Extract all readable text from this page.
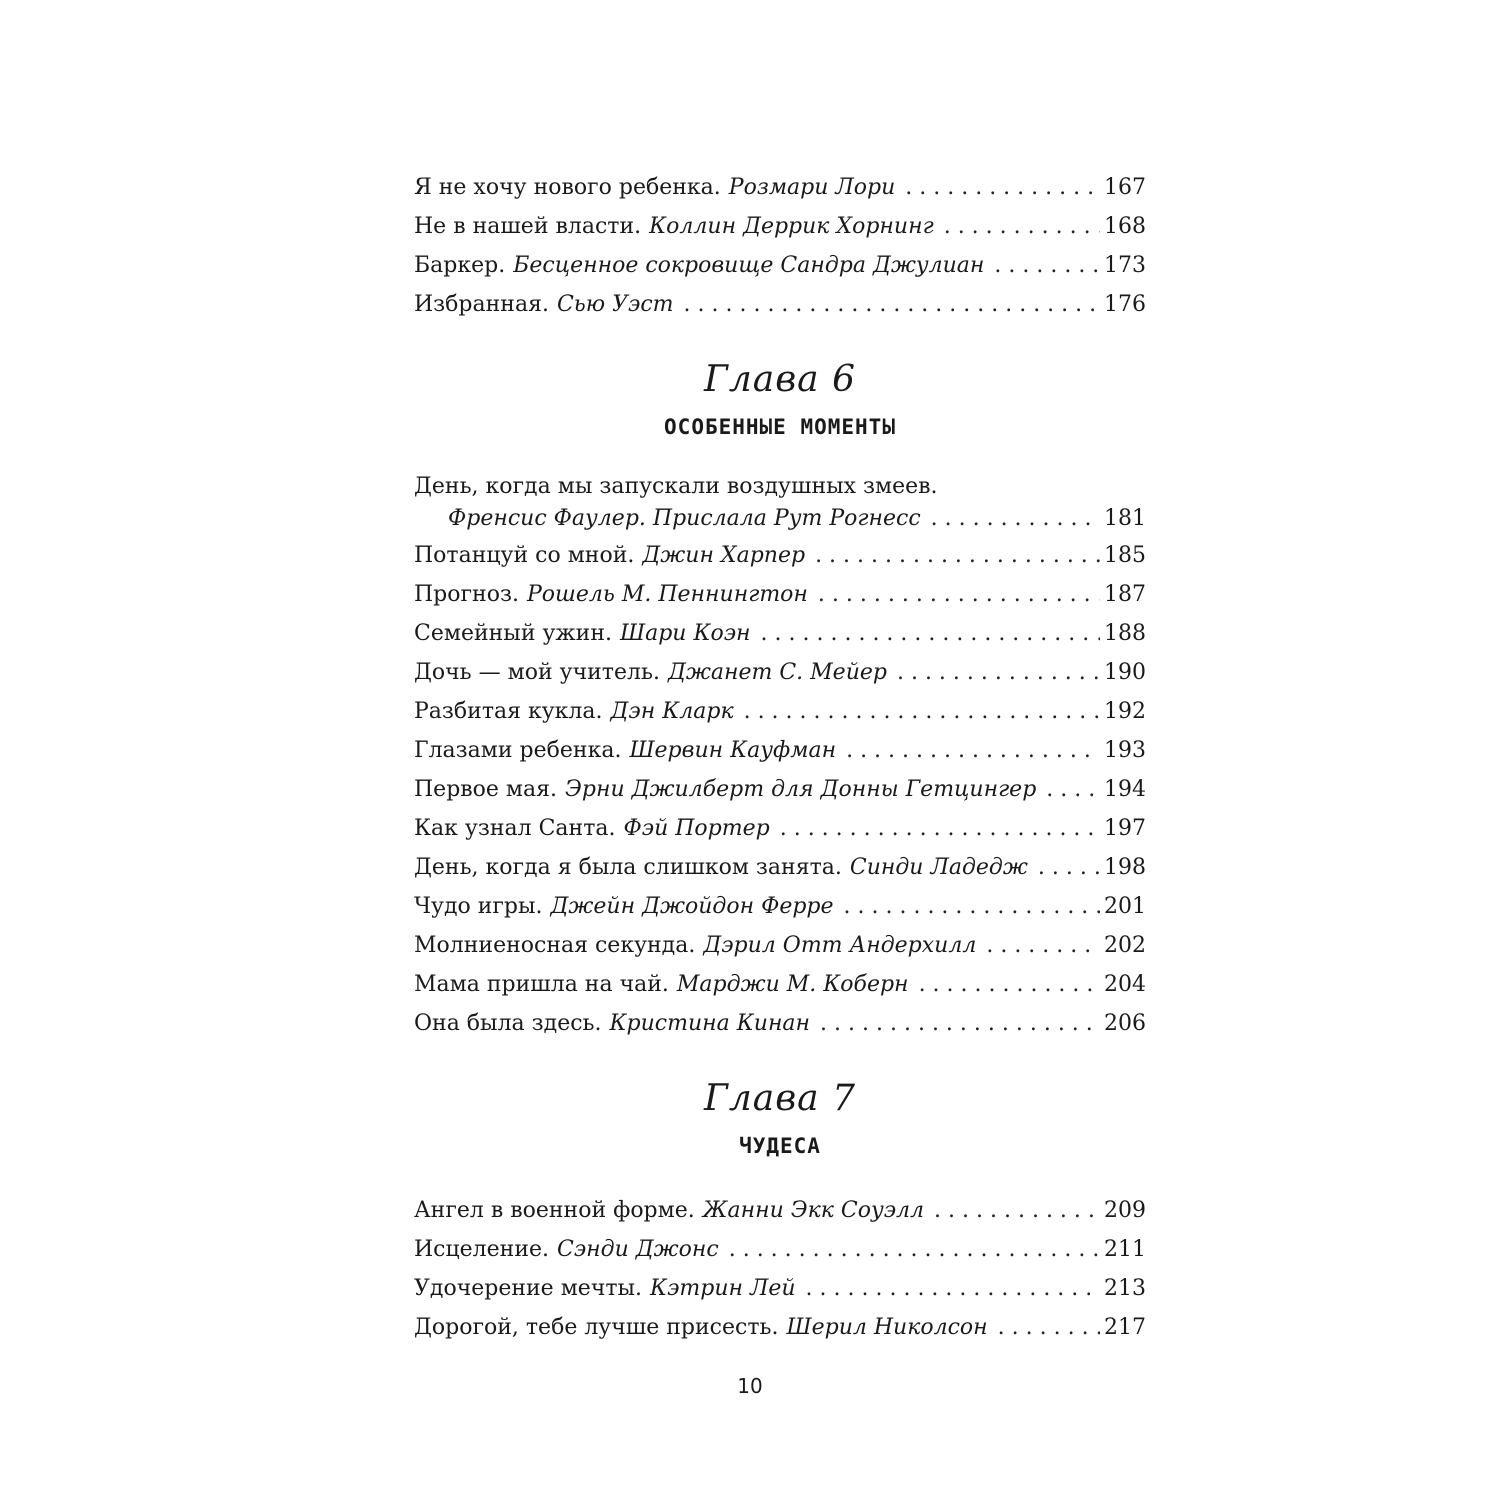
Я не хочу нового ребенка. Розмари Лори . . .	167
Не в нашей власти. Коллин Деррик Хорнинг . . .	168
Баркер. Бесценное сокровище Сандра Джулиан . . .	173
Избранная. Сью Уэст . . .	176
Глава 6
ОСОБЕННЫЕ МОМЕНТЫ
День, когда мы запускали воздушных змеев.
Френсис Фаулер. Прислала Рут Рогнесс . . .	181
Потанцуй со мной. Джин Харпер . . .	185
Прогноз. Рошель М. Пеннингтон . . .	187
Семейный ужин. Шари Коэн . . .	188
Дочь — мой учитель. Джанет С. Мейер . . .	190
Разбитая кукла. Дэн Кларк . . .	192
Глазами ребенка. Шервин Кауфман . . .	193
Первое мая. Эрни Джилберт для Донны Гетцингер . . .	194
Как узнал Санта. Фэй Портер . . .	197
День, когда я была слишком занята. Синди Ладедж . . .	198
Чудо игры. Джейн Джойдон Ферре . . .	201
Молниеносная секунда. Дэрил Отт Андерхилл . . .	202
Мама пришла на чай. Марджи М. Коберн . . .	204
Она была здесь. Кристина Кинан . . .	206
Глава 7
ЧУДЕСА
Ангел в военной форме. Жанни Экк Соуэлл . . .	209
Исцеление. Сэнди Джонс . . .	211
Удочерение мечты. Кэтрин Лей . . .	213
Дорогой, тебе лучше присесть. Шерил Николсон . . .	217
10
